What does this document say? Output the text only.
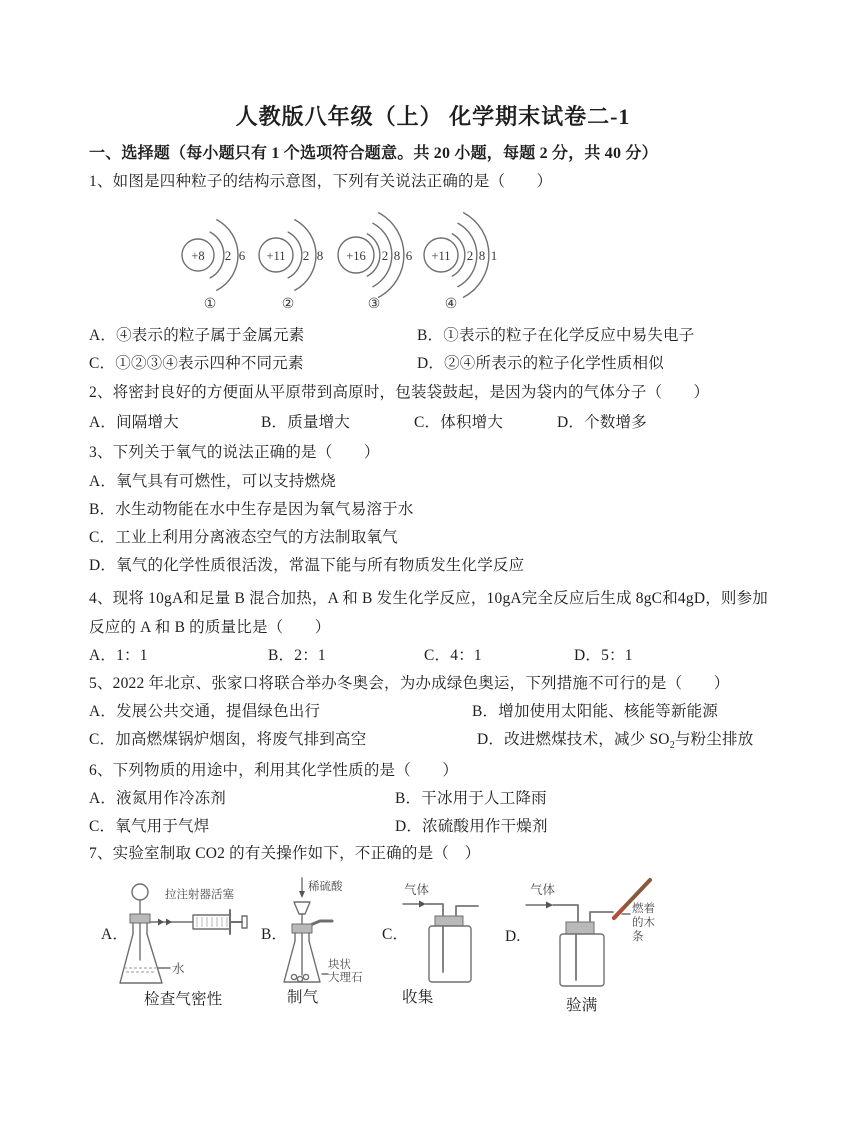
人教版八年级（上） 化学期末试卷二-1
一、选择题（每小题只有 1 个选项符合题意。共 20 小题，每题 2 分，共 40 分）
1、如图是四种粒子的结构示意图，下列有关说法正确的是（　　）
+8 2 6
①
+11 2 8
②
+16 2 8 6
③
+11 2 8 1
④
A．④表示的粒子属于金属元素	B．①表示的粒子在化学反应中易失电子
C．①②③④表示四种不同元素	D．②④所表示的粒子化学性质相似
2、将密封良好的方便面从平原带到高原时，包装袋鼓起，是因为袋内的气体分子（　　）
A．间隔增大	B．质量增大	C．体积增大	D．个数增多
3、下列关于氧气的说法正确的是（　　）
A．氧气具有可燃性，可以支持燃烧
B．水生动物能在水中生存是因为氧气易溶于水
C．工业上利用分离液态空气的方法制取氧气
D．氧气的化学性质很活泼，常温下能与所有物质发生化学反应
4、现将 10gA和足量 B 混合加热，A 和 B 发生化学反应，10gA完全反应后生成 8gC和4gD，则参加
反应的 A 和 B 的质量比是（　　）
A．1：1	B．2：1	C．4：1	D．5：1
5、2022 年北京、张家口将联合举办冬奥会，为办成绿色奥运，下列措施不可行的是（　　）
A．发展公共交通，提倡绿色出行	B．增加使用太阳能、核能等新能源
C．加高燃煤锅炉烟囱，将废气排到高空	D．改进燃煤技术，减少 $SO_2$与粉尘排放
6、下列物质的用途中，利用其化学性质的是（　　）
A．液氮用作冷冻剂	B．干冰用于人工降雨
C．氧气用于气焊	D．浓硫酸用作干燥剂
7、实验室制取 CO2 的有关操作如下，不正确的是（　）
A．	B．	C．	D.
拉注射器活塞
水
稀硫酸
块状
大理石
气体	气体
燃着
的木
条
检查气密性	制气	收集	验满
